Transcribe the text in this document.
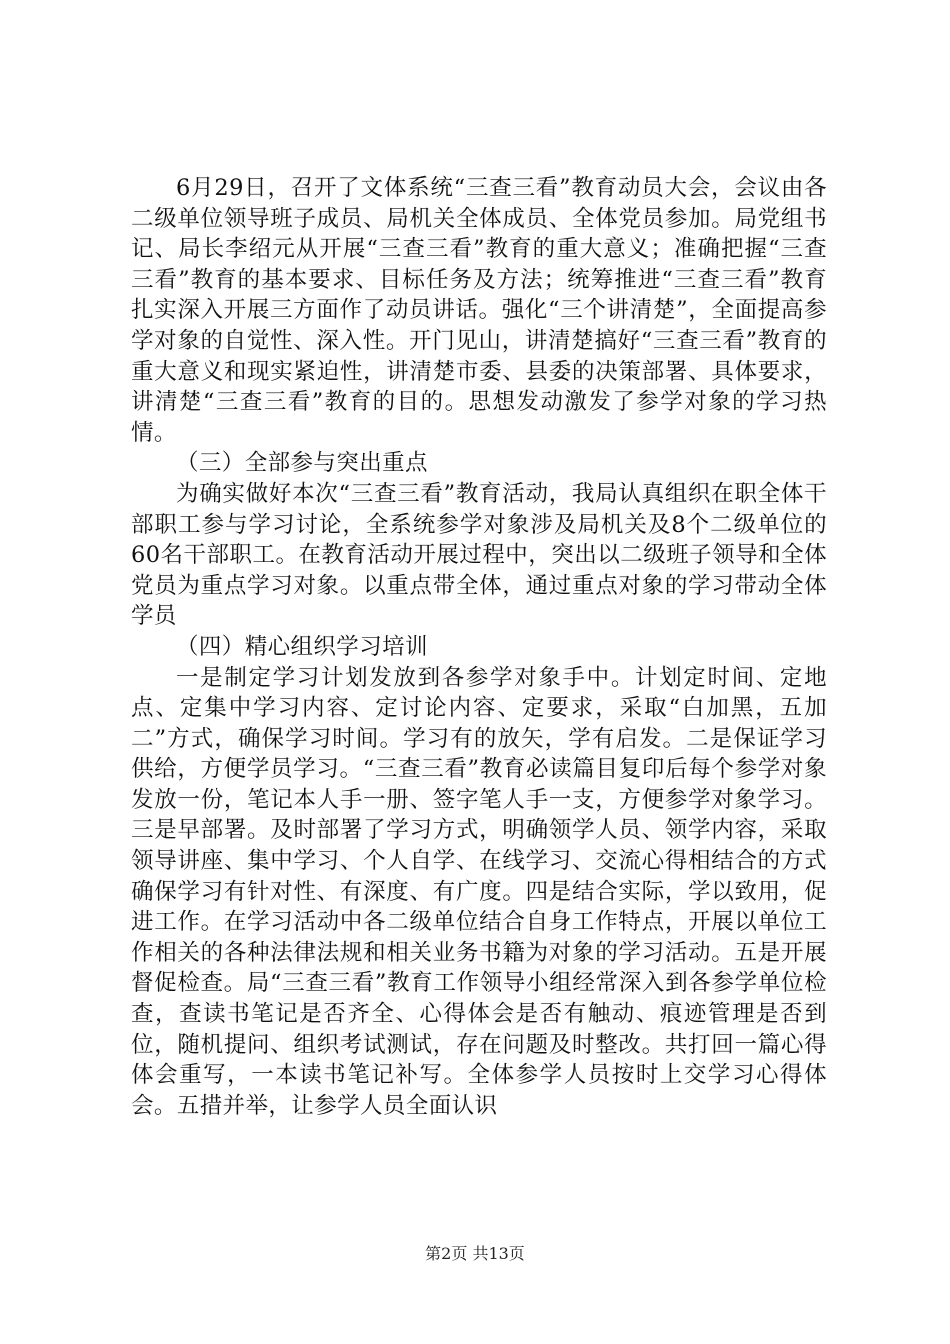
6月29日，召开了文体系统“三查三看”教育动员大会，会议由各二级单位领导班子成员、局机关全体成员、全体党员参加。局党组书记、局长李绍元从开展“三查三看”教育的重大意义；准确把握“三查三看”教育的基本要求、目标任务及方法；统筹推进“三查三看”教育扎实深入开展三方面作了动员讲话。强化“三个讲清楚”，全面提高参学对象的自觉性、深入性。开门见山，讲清楚搞好“三查三看”教育的重大意义和现实紧迫性，讲清楚市委、县委的决策部署、具体要求，讲清楚“三查三看”教育的目的。思想发动激发了参学对象的学习热情。

（三）全部参与突出重点

为确实做好本次“三查三看”教育活动，我局认真组织在职全体干部职工参与学习讨论，全系统参学对象涉及局机关及8个二级单位的60名干部职工。在教育活动开展过程中，突出以二级班子领导和全体党员为重点学习对象。以重点带全体，通过重点对象的学习带动全体学员

（四）精心组织学习培训

一是制定学习计划发放到各参学对象手中。计划定时间、定地点、定集中学习内容、定讨论内容、定要求，采取“白加黑，五加二”方式，确保学习时间。学习有的放矢，学有启发。二是保证学习供给，方便学员学习。“三查三看”教育必读篇目复印后每个参学对象发放一份，笔记本人手一册、签字笔人手一支，方便参学对象学习。三是早部署。及时部署了学习方式，明确领学人员、领学内容，采取领导讲座、集中学习、个人自学、在线学习、交流心得相结合的方式确保学习有针对性、有深度、有广度。四是结合实际，学以致用，促进工作。在学习活动中各二级单位结合自身工作特点，开展以单位工作相关的各种法律法规和相关业务书籍为对象的学习活动。五是开展督促检查。局“三查三看”教育工作领导小组经常深入到各参学单位检查，查读书笔记是否齐全、心得体会是否有触动、痕迹管理是否到位，随机提问、组织考试测试，存在问题及时整改。共打回一篇心得体会重写，一本读书笔记补写。全体参学人员按时上交学习心得体会。五措并举，让参学人员全面认识

第2页 共13页
